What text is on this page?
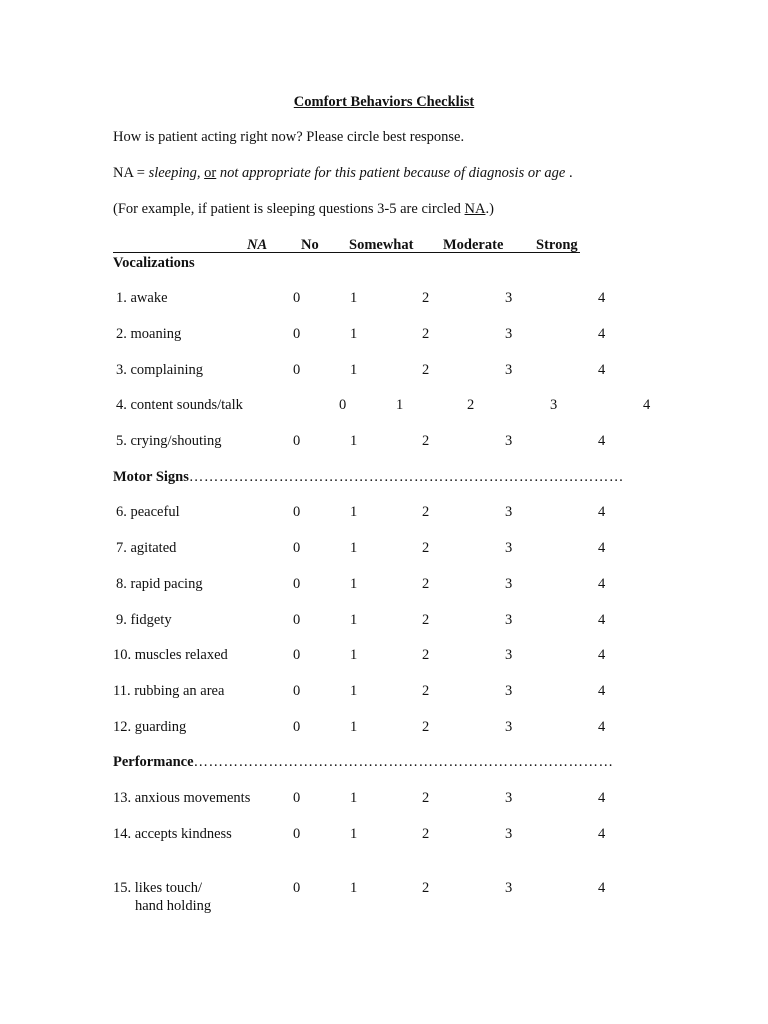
Comfort Behaviors Checklist
How is patient acting right now? Please circle best response.
NA = sleeping, or not appropriate for this patient because of diagnosis or age .
(For example, if patient is sleeping questions 3-5 are circled NA.)
NA No Somewhat Moderate Strong
Vocalizations
Motor Signs……………………………………………………………………………
Performance…………………………………………………………………………
1. awake	0	1	2	3	4
2. moaning	0	1	2	3	4
3. complaining	0	1	2	3	4
4. content sounds/talk	0	1	2	3	4
5. crying/shouting	0	1	2	3	4
6. peaceful	0	1	2	3	4
7. agitated	0	1	2	3	4
8. rapid pacing	0	1	2	3	4
9. fidgety	0	1	2	3	4
10. muscles relaxed	0	1	2	3	4
11. rubbing an area	0	1	2	3	4
12. guarding	0	1	2	3	4
13. anxious movements	0	1	2	3	4
14. accepts kindness	0	1	2	3	4
15. likes touch/
hand holding
0	1	2	3	4
